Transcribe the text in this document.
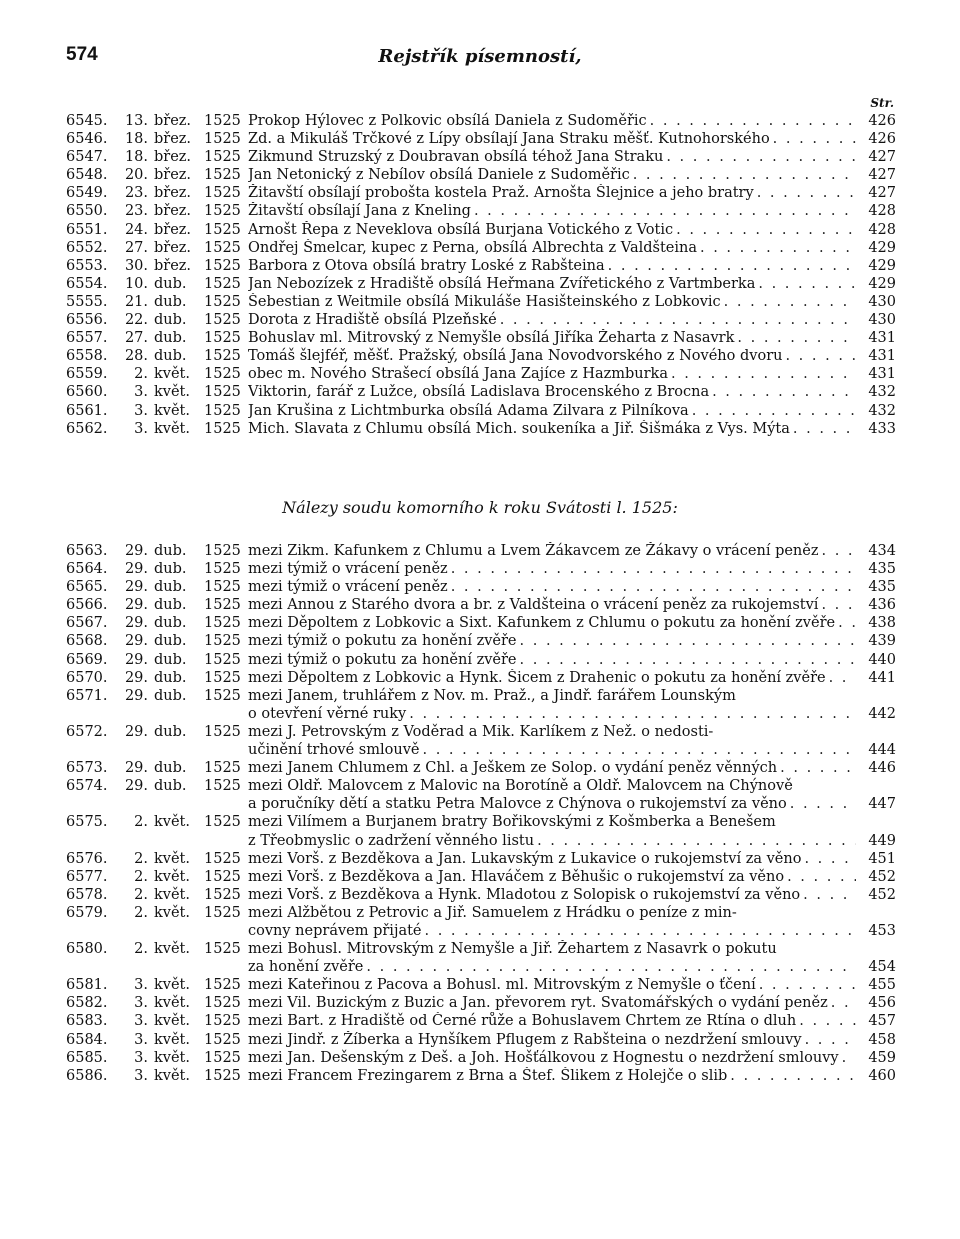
574	Rejstřík písemností,
Str.
6545.	13. břez. 1525 Prokop Hýlovec z Polkovic obsílá Daniela z Sudoměřic . . .	426
6546.	18. břez. 1525 Zd. a Mikuláš Trčkové z Lípy obsílají Jana Straku měšť. Kutnohorského . . .	426
6547.	18. břez. 1525 Zikmund Struzský z Doubravan obsílá téhož Jana Straku . . .	427
6548.	20. břez. 1525 Jan Netonický z Nebílov obsílá Daniele z Sudoměřic . . .	427
6549.	23. břez. 1525 Žitavští obsílají probošta kostela Praž. Arnošta Šlejnice a jeho bratry . . .	427
6550.	23. břez. 1525 Žitavští obsílají Jana z Kneling . . .	428
6551.	24. břez. 1525 Arnošt Řepa z Neveklova obsílá Burjana Votického z Votic . . .	428
6552.	27. břez. 1525 Ondřej Šmelcar, kupec z Perna, obsílá Albrechta z Valdšteina . . .	429
6553.	30. břez. 1525 Barbora z Otova obsílá bratry Loské z Rabšteina . . .	429
6554.	10. dub.	1525 Jan Nebozízek z Hradiště obsílá Heřmana Zvířetického z Vartmberka . . .	429
5555.	21. dub.	1525 Šebestian z Weitmile obsílá Mikuláše Hasišteinského z Lobkovic . . .	430
6556.	22. dub.	1525 Dorota z Hradiště obsílá Plzeňské . . .	430
6557.	27. dub.	1525 Bohuslav ml. Mitrovský z Nemyšle obsílá Jiříka Žeharta z Nasavrk . . .	431
6558.	28. dub.	1525 Tomáš šlejféř, měšť. Pražský, obsílá Jana Novodvorského z Nového dvoru . . .	431
6559.	2. květ. 1525 obec m. Nového Strašecí obsílá Jana Zajíce z Hazmburka . . .	431
6560.	3. květ. 1525 Viktorin, farář z Lužce, obsílá Ladislava Brocenského z Brocna . . .	432
6561.	3. květ. 1525 Jan Krušina z Lichtmburka obsílá Adama Zilvara z Pilníkova . . .	432
6562.	3. květ. 1525 Mich. Slavata z Chlumu obsílá Mich. soukeníka a Jiř. Šišmáka z Vys. Mýta . . .	433
Nálezy soudu komorního k roku Svátosti l. 1525:
6563.	29. dub.	1525 mezi Zikm. Kafunkem z Chlumu a Lvem Žákavcem ze Žákavy o vrácení peněz . . .	434
6564.	29. dub.	1525 mezi týmiž o vrácení peněz . . .	435
6565.	29. dub.	1525 mezi týmiž o vrácení peněz . . .	435
6566.	29. dub.	1525 mezi Annou z Starého dvora a br. z Valdšteina o vrácení peněz za rukojemství . . .	436
6567.	29. dub.	1525 mezi Děpoltem z Lobkovic a Sixt. Kafunkem z Chlumu o pokutu za honění zvěře . . .	438
6568.	29. dub.	1525 mezi týmiž o pokutu za honění zvěře . . .	439
6569.	29. dub.	1525 mezi týmiž o pokutu za honění zvěře . . .	440
6570.	29. dub.	1525 mezi Děpoltem z Lobkovic a Hynk. Šicem z Drahenic o pokutu za honění zvěře . . .	441
6571.	29. dub.	1525 mezi Janem, truhlářem z Nov. m. Praž., a Jindř. farářem Lounským
o otevření věrné ruky . . .	442
6572.	29. dub.	1525 mezi J. Petrovským z Voděrad a Mik. Karlíkem z Než. o nedosti-
učinění trhové smlouvě . . .	444
6573.	29. dub.	1525 mezi Janem Chlumem z Chl. a Ješkem ze Solop. o vydání peněz věnných . . .	446
6574.	29. dub.	1525 mezi Oldř. Malovcem z Malovic na Borotíně a Oldř. Malovcem na Chýnově
a poručníky dětí a statku Petra Malovce z Chýnova o rukojemství za věno . . .	447
6575.	2. květ. 1525 mezi Vilímem a Burjanem bratry Bořikovskými z Košmberka a Benešem
z Třeobmyslic o zadržení věnného listu . . .	449
6576.	2. květ. 1525 mezi Vorš. z Bezděkova a Jan. Lukavským z Lukavice o rukojemství za věno . . .	451
6577.	2. květ. 1525 mezi Vorš. z Bezděkova a Jan. Hlaváčem z Běhušic o rukojemství za věno . . .	452
6578.	2. květ. 1525 mezi Vorš. z Bezděkova a Hynk. Mladotou z Solopisk o rukojemství za věno . . .	452
6579.	2. květ. 1525 mezi Alžbětou z Petrovic a Jiř. Samuelem z Hrádku o peníze z min-
covny neprávem přijaté . . .	453
6580.	2. květ. 1525 mezi Bohusl. Mitrovským z Nemyšle a Jiř. Žehartem z Nasavrk o pokutu
za honění zvěře . . .	454
6581.	3. květ. 1525 mezi Kateřinou z Pacova a Bohusl. ml. Mitrovským z Nemyšle o ťčení . . .	455
6582.	3. květ. 1525 mezi Vil. Buzickým z Buzic a Jan. převorem ryt. Svatomářských o vydání peněz . . .	456
6583.	3. květ. 1525 mezi Bart. z Hradiště od Černé růže a Bohuslavem Chrtem ze Rtína o dluh . . .	457
6584.	3. květ. 1525 mezi Jindř. z Žíberka a Hynšíkem Pflugem z Rabšteina o nezdržení smlouvy . . .	458
6585.	3. květ. 1525 mezi Jan. Dešenským z Deš. a Joh. Hošťálkovou z Hognestu o nezdržení smlouvy . . .	459
6586.	3. květ. 1525 mezi Francem Frezingarem z Brna a Štef. Šlikem z Holejče o slib . . .	460
